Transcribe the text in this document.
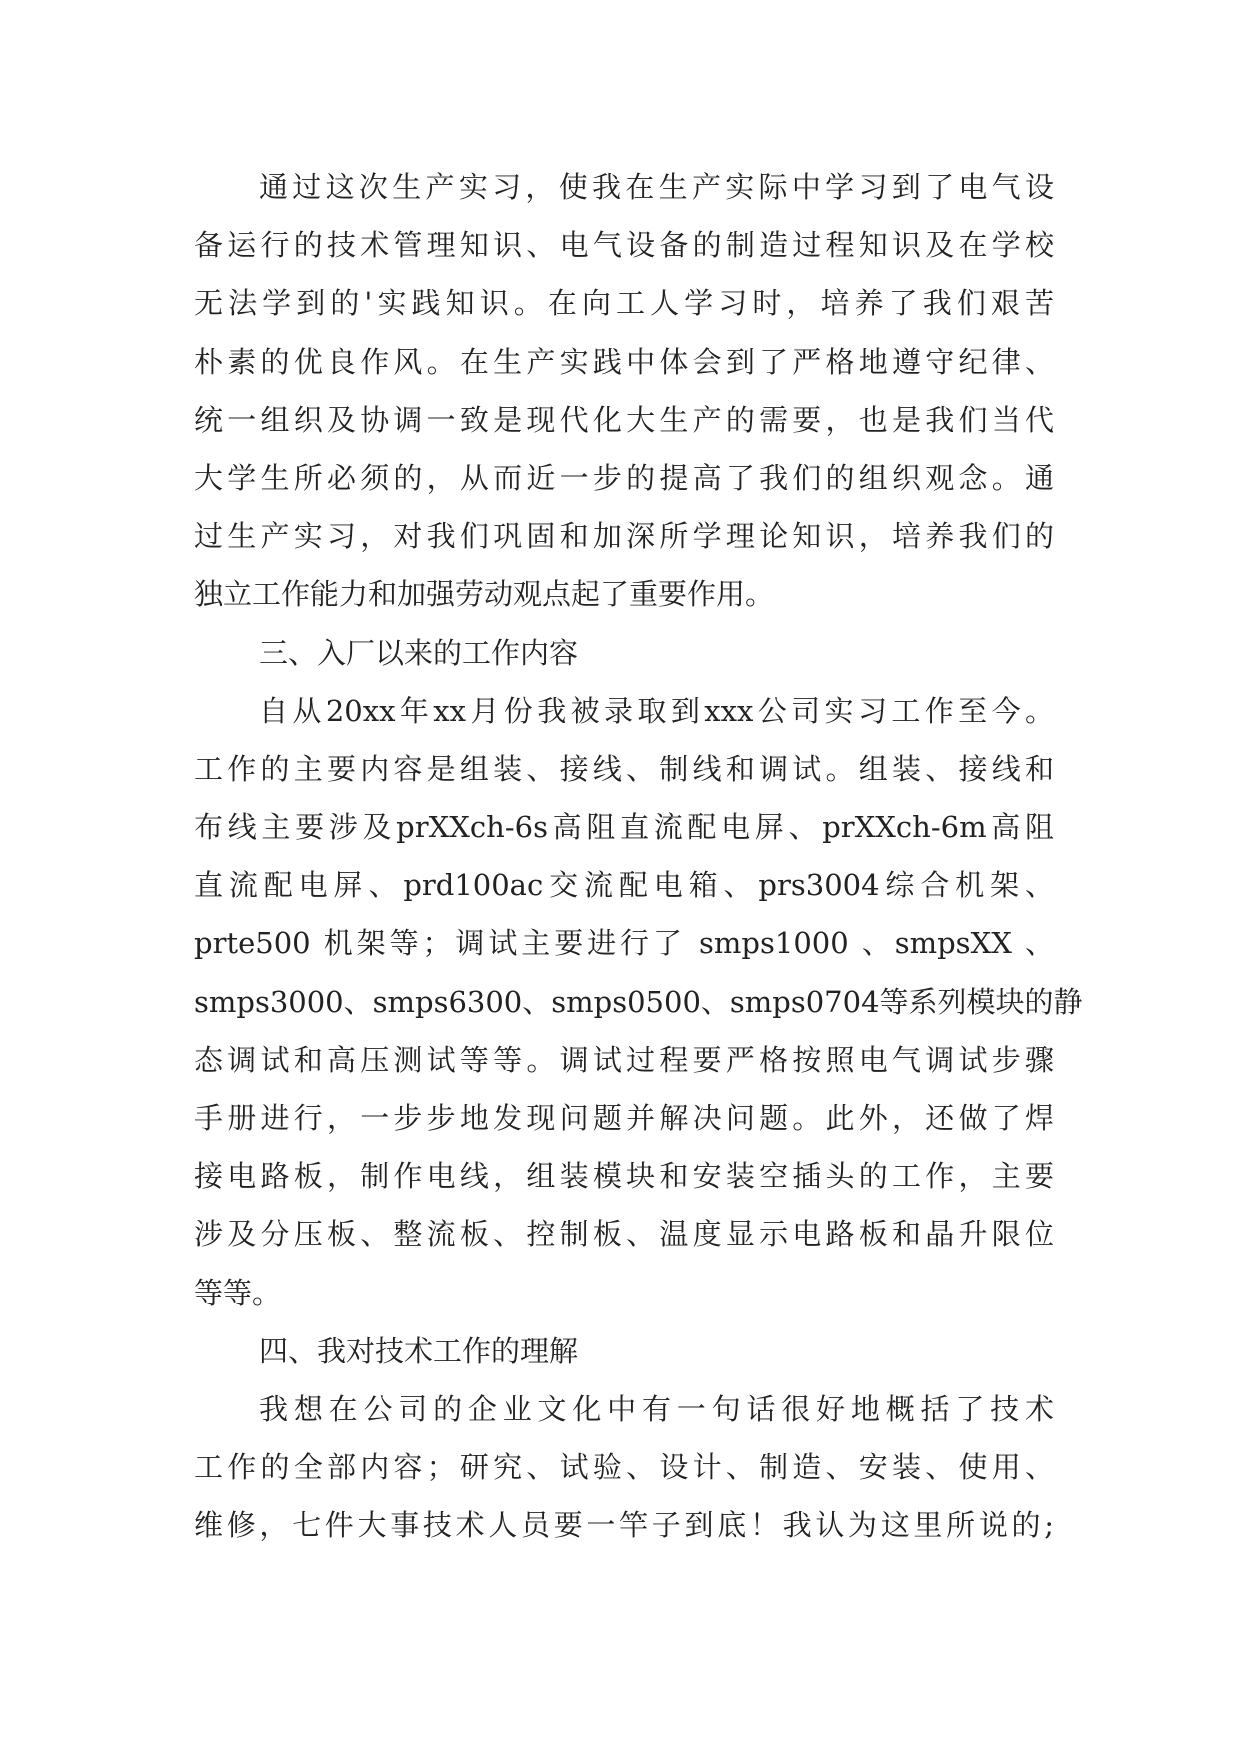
通过这次生产实习，使我在生产实际中学习到了电气设
备运行的技术管理知识、电气设备的制造过程知识及在学校
无法学到的'实践知识。在向工人学习时，培养了我们艰苦
朴素的优良作风。在生产实践中体会到了严格地遵守纪律、
统一组织及协调一致是现代化大生产的需要，也是我们当代
大学生所必须的，从而近一步的提高了我们的组织观念。通
过生产实习，对我们巩固和加深所学理论知识，培养我们的
独立工作能力和加强劳动观点起了重要作用。
三、入厂以来的工作内容
自从20xx年xx月份我被录取到xxx公司实习工作至今。
工作的主要内容是组装、接线、制线和调试。组装、接线和
布线主要涉及prXXch-6s高阻直流配电屏、prXXch-6m高阻
直流配电屏、prd100ac交流配电箱、prs3004综合机架、
prte500 机架等；调试主要进行了 smps1000 、smpsXX 、
smps3000、smps6300、smps0500、smps0704等系列模块的静
态调试和高压测试等等。调试过程要严格按照电气调试步骤
手册进行，一步步地发现问题并解决问题。此外，还做了焊
接电路板，制作电线，组装模块和安装空插头的工作，主要
涉及分压板、整流板、控制板、温度显示电路板和晶升限位
等等。
四、我对技术工作的理解
我想在公司的企业文化中有一句话很好地概括了技术
工作的全部内容；研究、试验、设计、制造、安装、使用、
维修，七件大事技术人员要一竿子到底！我认为这里所说的;
